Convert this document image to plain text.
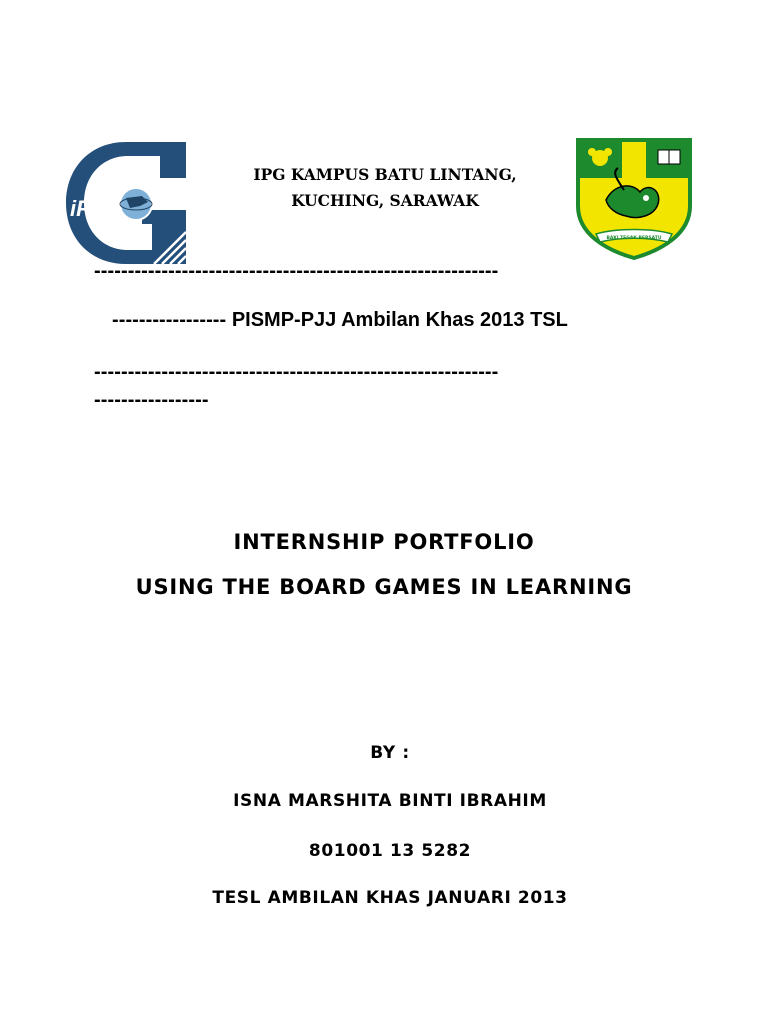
iPG
IPG KAMPUS BATU LINTANG,
KUCHING, SARAWAK
BAKI TEGAK BERSATU
------------------------------------------------------------
----------------- PISMP-PJJ Ambilan Khas 2013 TSL
------------------------------------------------------------
-----------------
INTERNSHIP PORTFOLIO
USING THE BOARD GAMES IN LEARNING
BY :
ISNA MARSHITA BINTI IBRAHIM
801001 13 5282
TESL AMBILAN KHAS JANUARI 2013
